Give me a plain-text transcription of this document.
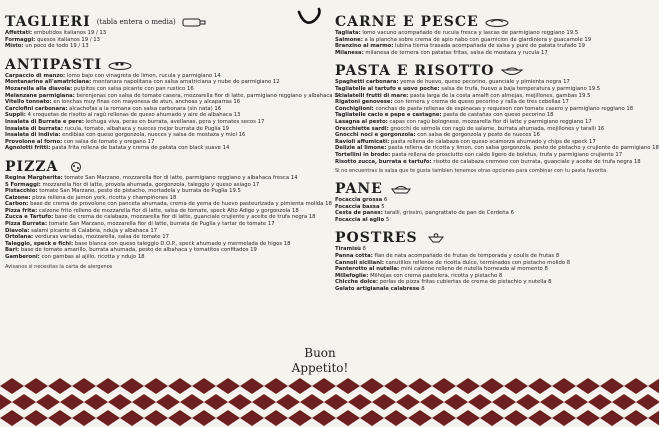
TAGLIERI (tabla entera o media)
Affettati: embutidos italianos 19 / 13
Formaggi: quesos italianos 19 / 13
Misto: un poco de todo 19 / 13
ANTIPASTI
Carpaccio di manzo: lomo bajo con vinagreta de limon, rucula y parmigiano 14
Montanarine all'amatriciana: montanara napolitana con salsa amatriciana y nube de parmigiano 12
Mozarella alla diavola: pulpitos con salsa picante con pan rustico 16
Melanzane parmigiana: berenjenas con salsa de tomate casera, mozzarella fior di latte, parmigiano reggiano y albahaca 14
Vitello tonnato: en lonchas muy finas con mayonesa de atun, anchoas y alcaparras 16
Carciofini carbonara: alcachofas a la romana con salsa carbonara (sin nata) 16
Supplì: 4 croquetas de risotto al ragù rellenas de queso ahumado y aire de albahaca 13
Insalata di Burrata e pere: lechuga viva, peras en burrata, avellanas, pera y tomates secos 17
Insalata di burrata: rucula, tomate, albahaca y nueces mejor burrata de Puglia 19
Insalata di indivia: endibias con queso gorgonzola, nueces y salsa de mostaza y miel 16
Provolone al forno: con salsa de tomate y oregano 17
Agnolotti fritti: pasta frita rellena de batata y crema de patata con black suave 14
PIZZA
Regina Margherita: tomate San Marzano, mozzarella fior di latte, parmigiano reggiano y albahaca fresca 14
5 Formaggi: mozzarella fior di latte, provola ahumada, gorgonzola, taleggio y queso asiago 17
Pistacchio: tomate San Marzano, pesto de pistacho, mortadela y burrata de Puglia 19.5
Calzone: pizza rellena de jamon york, ricotta y champiñones 18
Carbon: base de crema de provolone con panceta ahumada, crema de yema de huevo pasteurizada y pimienta molida 18
Pizza frita: calzone frito relleno de mozzarella fior di latte, salsa de tomate, speck Alto Adige y gorgonzola 18
Zucca e Tartufo: base de crema de calabaza, mozzarella fior di latte, guanciale crujiente y aceite de trufa negra 18
Pizza Burrata: tomate San Marzano, mozzarella fior di latte, burrata de Puglia y tartar de tomate 17
Diavola: salami picante di Calabria, nduja y albahaca 17
Ortolana: verduras variadas, mozzarella, salsa de tomate 17
Taleggio, speck e fichi: base blanca con queso taleggio D.O.P., speck ahumado y mermelada de higos 18
Bari: base de tomate amarillo, burrata ahumada, pesto de albahaca y tomatitos confitados 19
Gamberoni: con gambas al ajillo, ricotta y ndujo 18
Avisanos si necesitas la carta de alergenos
CARNE E PESCE
Tagliata: lomo vacuno acompañado de rucula fresca y lascas de parmigiano reggiano 19.5
Salmone: a la plancha sobre crema de apio nabo con guarnicion de giardiniera y guacamole 19
Branzino al marmo: lubina tierna trasada acompañada de salsa y puré de patata trufado 19
Milanesa: milanesa de ternera con patatas fritas, salsa de mostaza y rucula 17
PASTA E RISOTTO
Spaghetti carbonara: yema de huevo, queso pecorino, guanciale y pimienta negra 17
Tagliatelle al tartufo e uovo poche: salsa de trufa, huevo a baja temperatura y parmigiano 19.5
Scialatelli frutti di mare: pasta larga de la costa amalfi con almejas, mejillones, gambas 19.5
Rigatoni genovese: con ternera y crema de queso pecorino y ralla de tres cebollas 17
Conchiglioni: conchas de pasta rellenas de espinacas y requeson con tomate casero y parmigiano reggiano 18
Tagliatelle cacio e pepe e castagne: pasta de castañas con queso pecorino 18
Lasagna al pesto: capas con ragù bolognese, mozzarella fior di latte y parmigiano reggiano 17
Orecchiette sardi: gnocchi de sémola con ragù de salame, burrata ahumada, mejillones y taralli 16
Gnocchi noci e gorgonzola: con salsa de gorgonzola y pesto de nueces 16
Ravioli affumicati: pasta rellena de calabaza con queso scamorza ahumado y chips de speck 17
Delizie al limone: pasta rellena de ricotta y limon, con salsa gorgonzola, pesto de pistacho y crujiente de parmigiano 18
Tortellini in brodo: pasta rellena de prosciutto con caldo ligero de boletus, trufa y parmigiano crujiente 17
Risotto zucca, burrata e tartufo: risotto de calabaza cremoso con burrata, guanciale y aceite de trufa negra 18
Si no encuentras la salsa que te gusta tambien tenemos otras opciones para combinar con tu pasta favorita
PANE
Focaccia grossa 6
Focaccia bassa 5
Cesta de panes: tarallí, grissini, pangrattato de pan de Cerdeña 6
Focaccia al aglio 5
POSTRES
Tiramisù 8
Panna cotta: flan de nata acompañado de frutas de temporada y coulis de frutas 8
Cannoli siciliani: canutillos rellenos de ricotta dulce, terminados con pistacho molido 8
Panterotto al nutella: mini calzone relleno de nutella horneado al momento 8
Millefoglie: Milhojas con crema pastelera, ricotta y pistacho 8
Chicche dolce: perlas de pizza fritas cubiertas de crema de pistachio y nutella 8
Gelato artigianale calabrese 8
Buon
Appetito!
